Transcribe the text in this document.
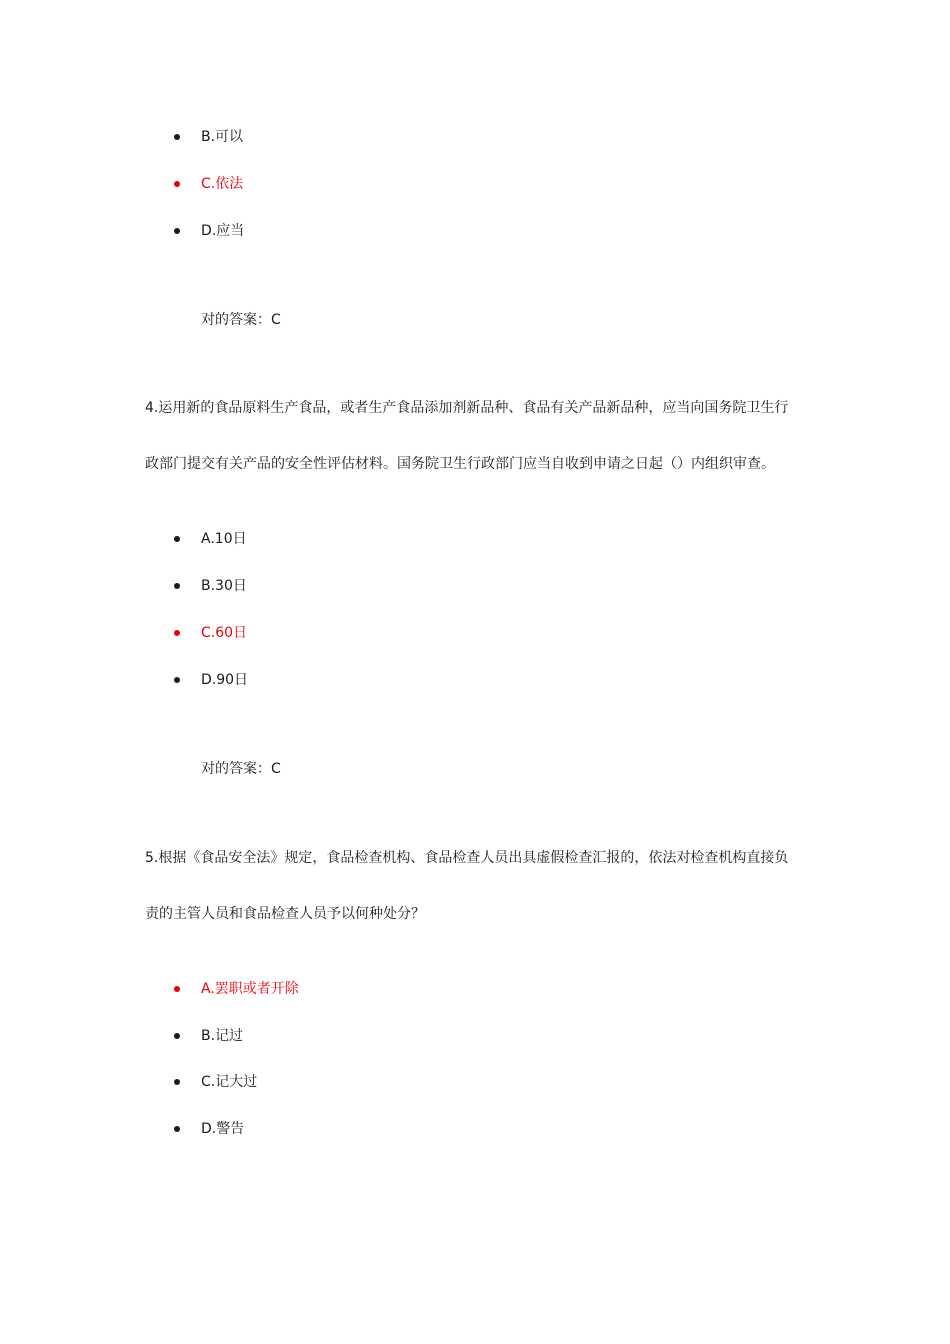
B.可以
C.依法
D.应当
对的答案：C
4.运用新的食品原料生产食品，或者生产食品添加剂新品种、食品有关产品新品种，应当向国务院卫生行
政部门提交有关产品的安全性评估材料。国务院卫生行政部门应当自收到申请之日起（）内组织审查。
A.10日
B.30日
C.60日
D.90日
对的答案：C
5.根据《食品安全法》规定，食品检查机构、食品检查人员出具虚假检查汇报的，依法对检查机构直接负
责的主管人员和食品检查人员予以何种处分？
A.罢职或者开除
B.记过
C.记大过
D.警告
